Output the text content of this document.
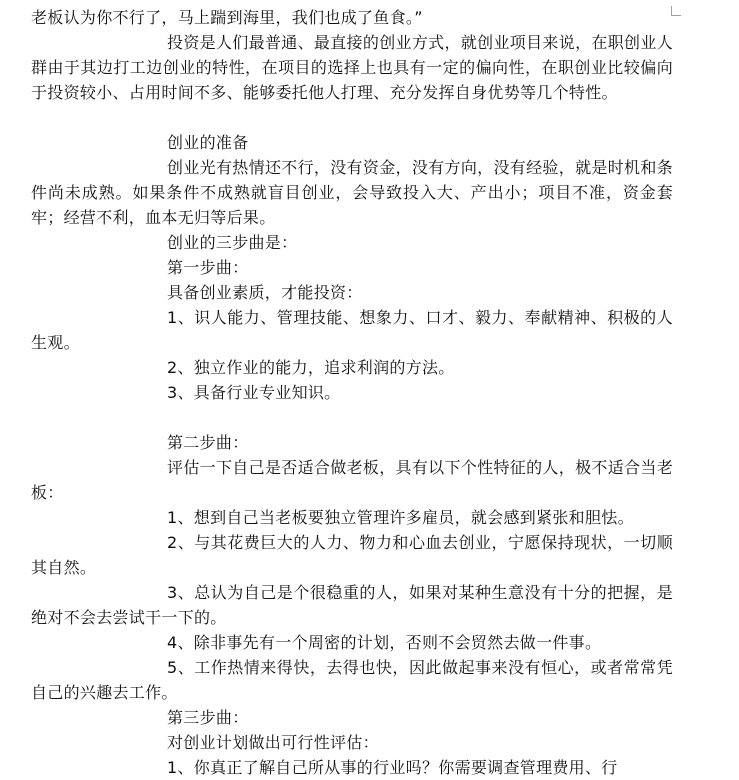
老板认为你不行了，马上踹到海里，我们也成了鱼食。”

投资是人们最普通、最直接的创业方式，就创业项目来说，在职创业人群由于其边打工边创业的特性，在项目的选择上也具有一定的偏向性，在职创业比较偏向于投资较小、占用时间不多、能够委托他人打理、充分发挥自身优势等几个特性。

创业的准备

创业光有热情还不行，没有资金，没有方向，没有经验，就是时机和条件尚未成熟。如果条件不成熟就盲目创业，会导致投入大、产出小；项目不准，资金套牢；经营不利，血本无归等后果。

创业的三步曲是：

第一步曲：

具备创业素质，才能投资：

1、识人能力、管理技能、想象力、口才、毅力、奉献精神、积极的人生观。

2、独立作业的能力，追求利润的方法。

3、具备行业专业知识。

第二步曲：

评估一下自己是否适合做老板，具有以下个性特征的人，极不适合当老板：

1、想到自己当老板要独立管理许多雇员，就会感到紧张和胆怯。

2、与其花费巨大的人力、物力和心血去创业，宁愿保持现状，一切顺其自然。

3、总认为自己是个很稳重的人，如果对某种生意没有十分的把握，是绝对不会去尝试干一下的。

4、除非事先有一个周密的计划，否则不会贸然去做一件事。

5、工作热情来得快，去得也快，因此做起事来没有恒心，或者常常凭自己的兴趣去工作。

第三步曲：

对创业计划做出可行性评估：

1、你真正了解自己所从事的行业吗？你需要调查管理费用、行
